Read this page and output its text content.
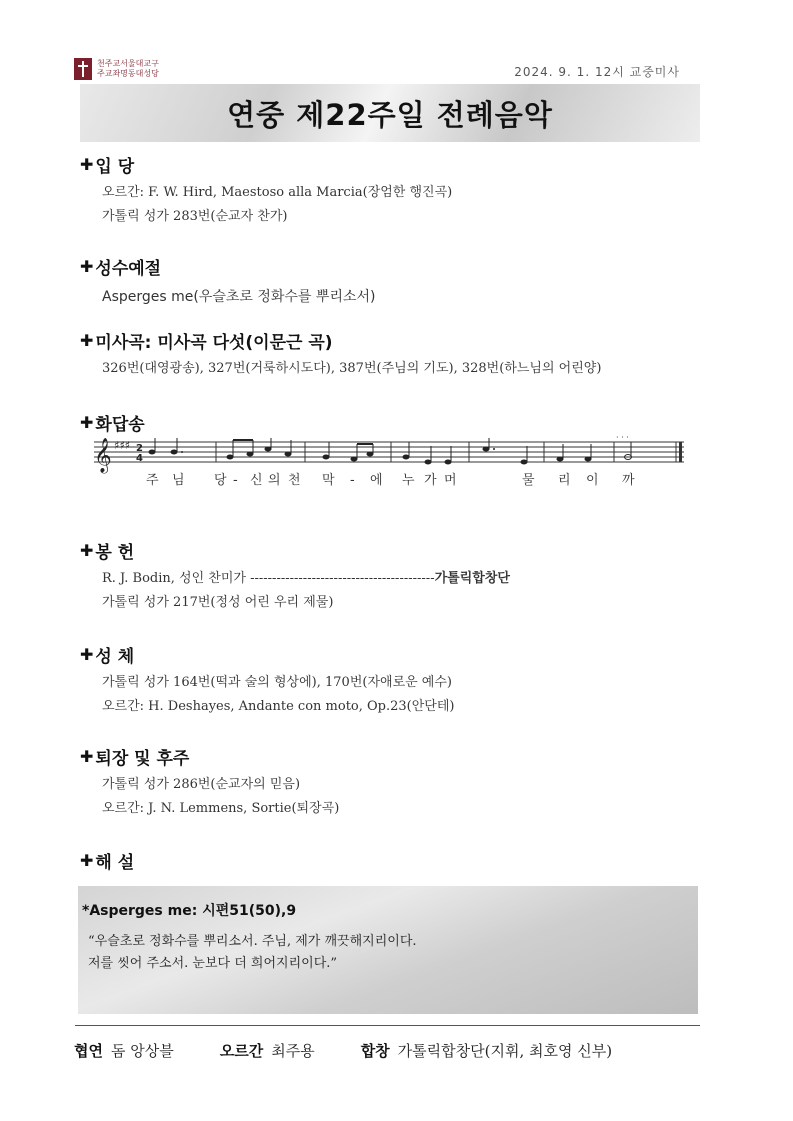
천주교서울대교구
주교좌명동대성당	2024. 9. 1. 12시 교중미사
연중 제22주일 전례음악
✚ 입 당
오르간: F. W. Hird, Maestoso alla Marcia(장엄한 행진곡)
가톨릭 성가 283번(순교자 찬가)
✚ 성수예절
Asperges me(우슬초로 정화수를 뿌리소서)
✚ 미사곡: 미사곡 다섯(이문근 곡)
326번(대영광송), 327번(거룩하시도다), 387번(주님의 기도), 328번(하느님의 어린양)
✚ 화답송
𝄞 ♯♯♯ 2
4
· · ·
주 님 당 - 신 의 천 막 - 에 누 가 머	물 리 이 까
✚ 봉 헌
R. J. Bodin, 성인 찬미가 ------------------------------------------가톨릭합창단
가톨릭 성가 217번(정성 어린 우리 제물)
✚ 성 체
가톨릭 성가 164번(떡과 술의 형상에), 170번(자애로운 예수)
오르간: H. Deshayes, Andante con moto, Op.23(안단테)
✚ 퇴장 및 후주
가톨릭 성가 286번(순교자의 믿음)
오르간: J. N. Lemmens, Sortie(퇴장곡)
✚ 해 설
*Asperges me: 시편51(50),9
“우슬초로 정화수를 뿌리소서. 주님, 제가 깨끗해지리이다.
저를 씻어 주소서. 눈보다 더 희어지리이다.”
협연 돔 앙상블	오르간 최주용	합창 가톨릭합창단(지휘, 최호영 신부)
